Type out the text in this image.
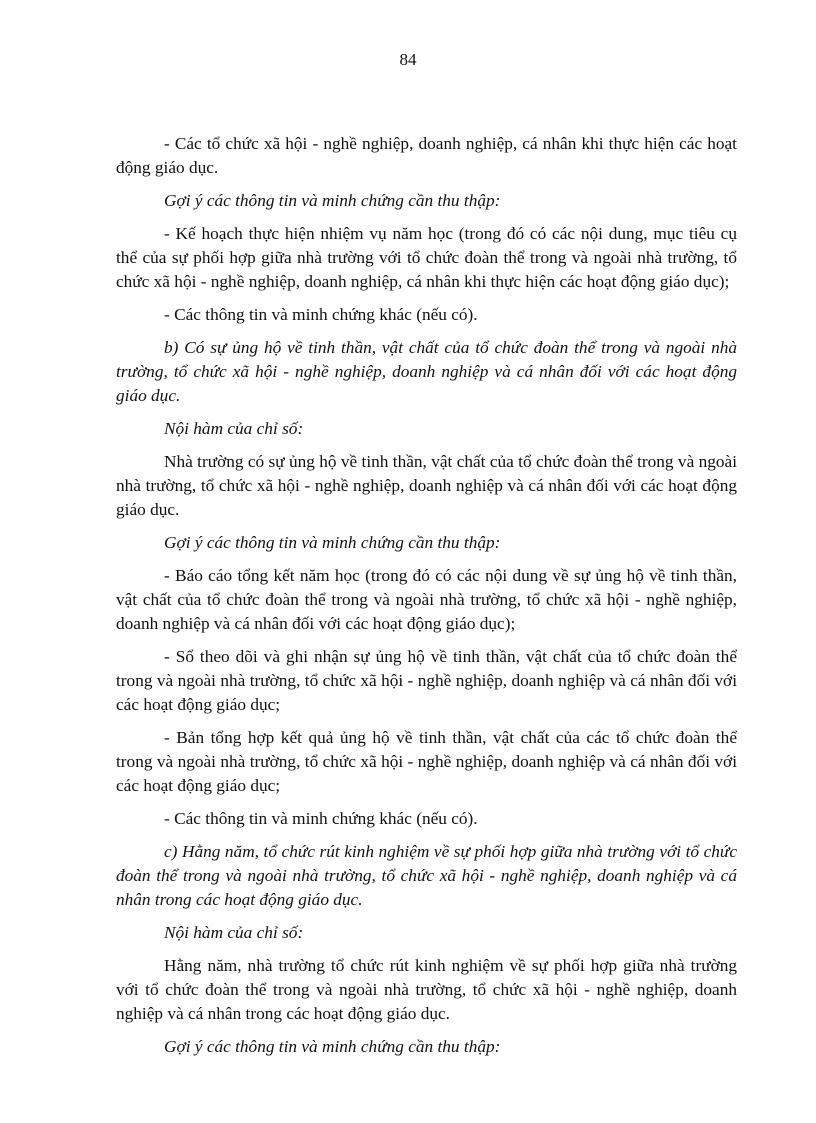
84

- Các tổ chức xã hội - nghề nghiệp, doanh nghiệp, cá nhân khi thực hiện các hoạt động giáo dục.

Gợi ý các thông tin và minh chứng cần thu thập:

- Kế hoạch thực hiện nhiệm vụ năm học (trong đó có các nội dung, mục tiêu cụ thể của sự phối hợp giữa nhà trường với tổ chức đoàn thể trong và ngoài nhà trường, tổ chức xã hội - nghề nghiệp, doanh nghiệp, cá nhân khi thực hiện các hoạt động giáo dục);

- Các thông tin và minh chứng khác (nếu có).

b) Có sự ủng hộ về tinh thần, vật chất của tổ chức đoàn thể trong và ngoài nhà trường, tổ chức xã hội - nghề nghiệp, doanh nghiệp và cá nhân đối với các hoạt động giáo dục.

Nội hàm của chỉ số:

Nhà trường có sự ủng hộ về tinh thần, vật chất của tổ chức đoàn thể trong và ngoài nhà trường, tổ chức xã hội - nghề nghiệp, doanh nghiệp và cá nhân đối với các hoạt động giáo dục.

Gợi ý các thông tin và minh chứng cần thu thập:

- Báo cáo tổng kết năm học (trong đó có các nội dung về sự ủng hộ về tinh thần, vật chất của tổ chức đoàn thể trong và ngoài nhà trường, tổ chức xã hội - nghề nghiệp, doanh nghiệp và cá nhân đối với các hoạt động giáo dục);

- Sổ theo dõi và ghi nhận sự ủng hộ về tinh thần, vật chất của tổ chức đoàn thể trong và ngoài nhà trường, tổ chức xã hội - nghề nghiệp, doanh nghiệp và cá nhân đối với các hoạt động giáo dục;

- Bản tổng hợp kết quả ủng hộ về tinh thần, vật chất của các tổ chức đoàn thể trong và ngoài nhà trường, tổ chức xã hội - nghề nghiệp, doanh nghiệp và cá nhân đối với các hoạt động giáo dục;

- Các thông tin và minh chứng khác (nếu có).

c) Hằng năm, tổ chức rút kinh nghiệm về sự phối hợp giữa nhà trường với tổ chức đoàn thể trong và ngoài nhà trường, tổ chức xã hội - nghề nghiệp, doanh nghiệp và cá nhân trong các hoạt động giáo dục.

Nội hàm của chỉ số:

Hằng năm, nhà trường tổ chức rút kinh nghiệm về sự phối hợp giữa nhà trường với tổ chức đoàn thể trong và ngoài nhà trường, tổ chức xã hội - nghề nghiệp, doanh nghiệp và cá nhân trong các hoạt động giáo dục.

Gợi ý các thông tin và minh chứng cần thu thập:
